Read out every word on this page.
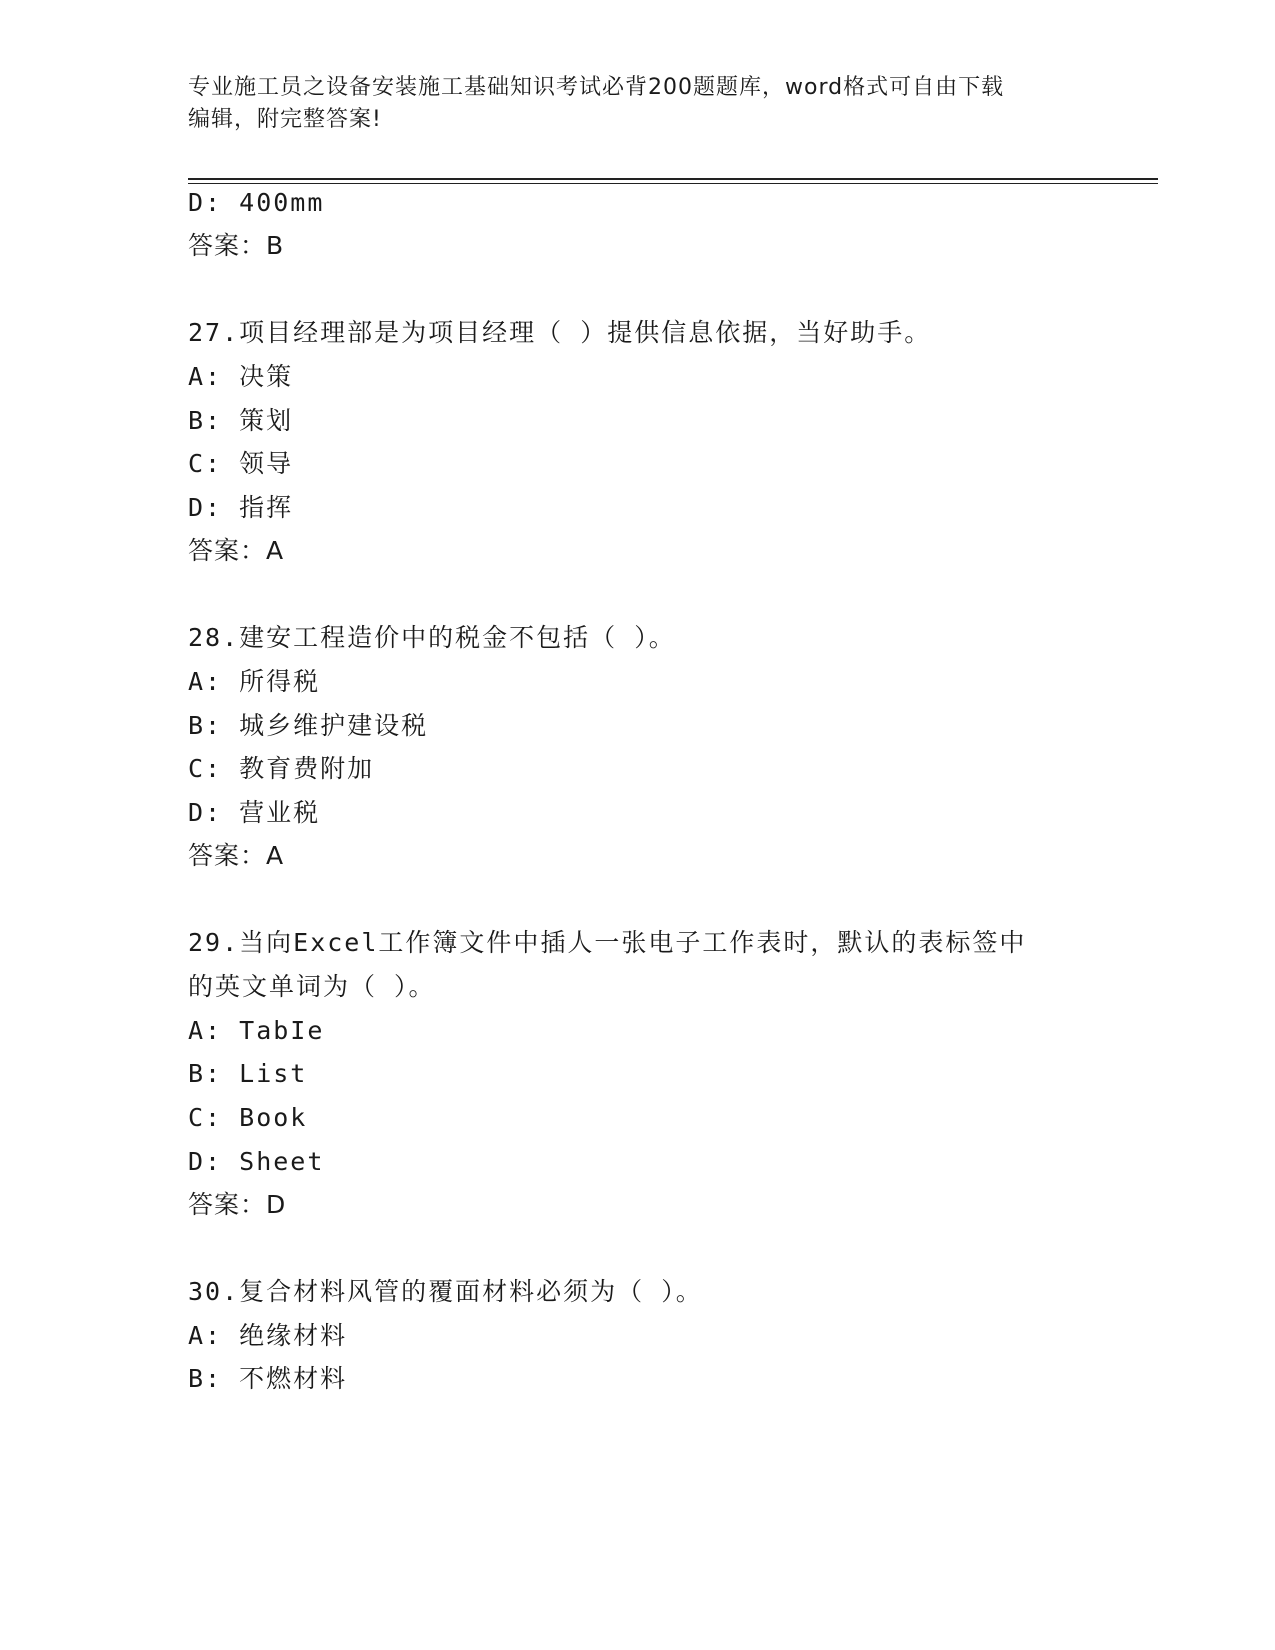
专业施工员之设备安装施工基础知识考试必背200题题库，word格式可自由下载
编辑，附完整答案!
D: 400mm
答案：B
27.项目经理部是为项目经理（ ）提供信息依据，当好助手。
A: 决策
B: 策划
C: 领导
D: 指挥
答案：A
28.建安工程造价中的税金不包括（ ）。
A: 所得税
B: 城乡维护建设税
C: 教育费附加
D: 营业税
答案：A
29.当向Excel工作簿文件中插人一张电子工作表时，默认的表标签中
的英文单词为（ ）。
A: TabIe
B: List
C: Book
D: Sheet
答案：D
30.复合材料风管的覆面材料必须为（ ）。
A: 绝缘材料
B: 不燃材料
